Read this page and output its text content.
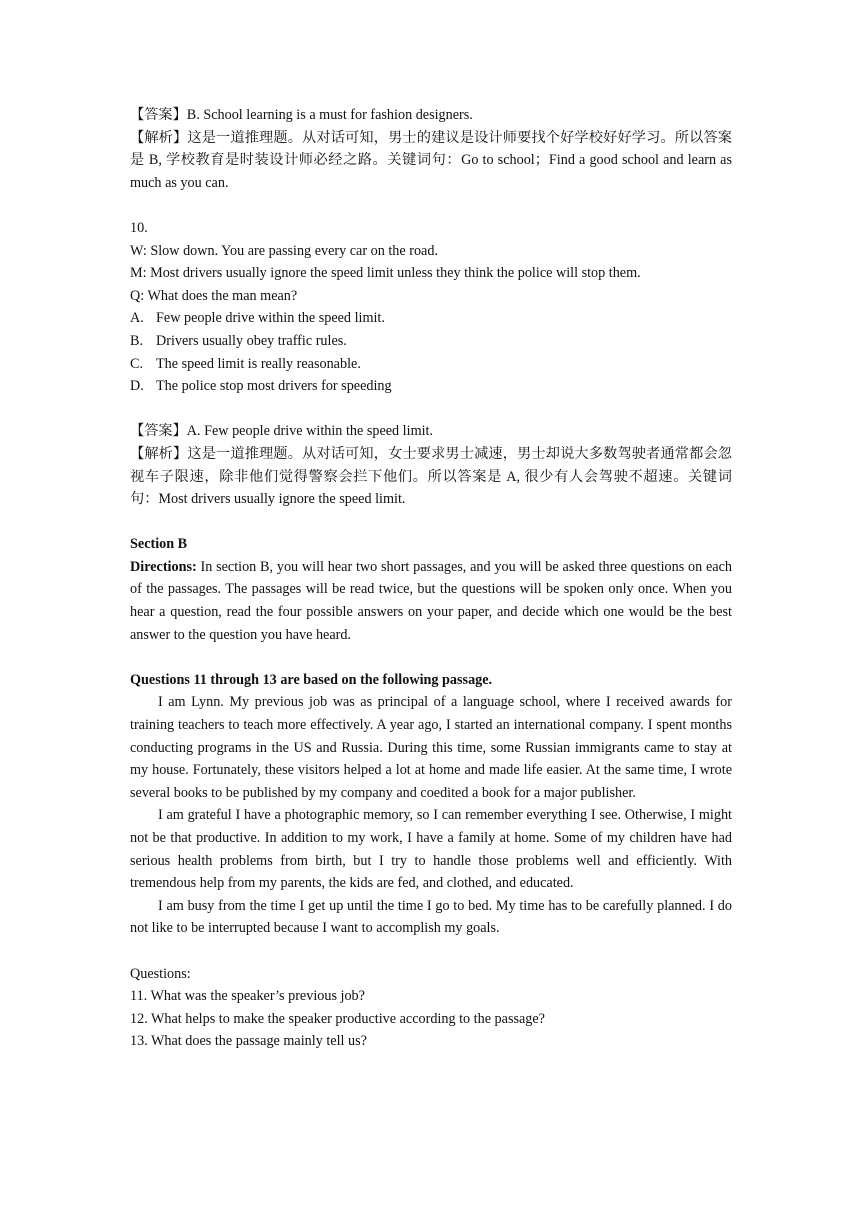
【答案】B. School learning is a must for fashion designers.
【解析】这是一道推理题。从对话可知，男士的建议是设计师要找个好学校好好学习。所以答案是 B, 学校教育是时装设计师必经之路。关键词句：Go to school；Find a good school and learn as much as you can.
10.
W: Slow down. You are passing every car on the road.
M: Most drivers usually ignore the speed limit unless they think the police will stop them.
Q: What does the man mean?
A. Few people drive within the speed limit.
B. Drivers usually obey traffic rules.
C. The speed limit is really reasonable.
D. The police stop most drivers for speeding
【答案】A. Few people drive within the speed limit.
【解析】这是一道推理题。从对话可知，女士要求男士减速，男士却说大多数驾驶者通常都会忽视车子限速，除非他们觉得警察会拦下他们。所以答案是 A, 很少有人会驾驶不超速。关键词句：Most drivers usually ignore the speed limit.
Section B
Directions: In section B, you will hear two short passages, and you will be asked three questions on each of the passages. The passages will be read twice, but the questions will be spoken only once. When you hear a question, read the four possible answers on your paper, and decide which one would be the best answer to the question you have heard.
Questions 11 through 13 are based on the following passage.
I am Lynn. My previous job was as principal of a language school, where I received awards for training teachers to teach more effectively. A year ago, I started an international company. I spent months conducting programs in the US and Russia. During this time, some Russian immigrants came to stay at my house. Fortunately, these visitors helped a lot at home and made life easier. At the same time, I wrote several books to be published by my company and coedited a book for a major publisher.
I am grateful I have a photographic memory, so I can remember everything I see. Otherwise, I might not be that productive. In addition to my work, I have a family at home. Some of my children have had serious health problems from birth, but I try to handle those problems well and efficiently. With tremendous help from my parents, the kids are fed, and clothed, and educated.
I am busy from the time I get up until the time I go to bed. My time has to be carefully planned. I do not like to be interrupted because I want to accomplish my goals.
Questions:
11. What was the speaker’s previous job?
12. What helps to make the speaker productive according to the passage?
13. What does the passage mainly tell us?
